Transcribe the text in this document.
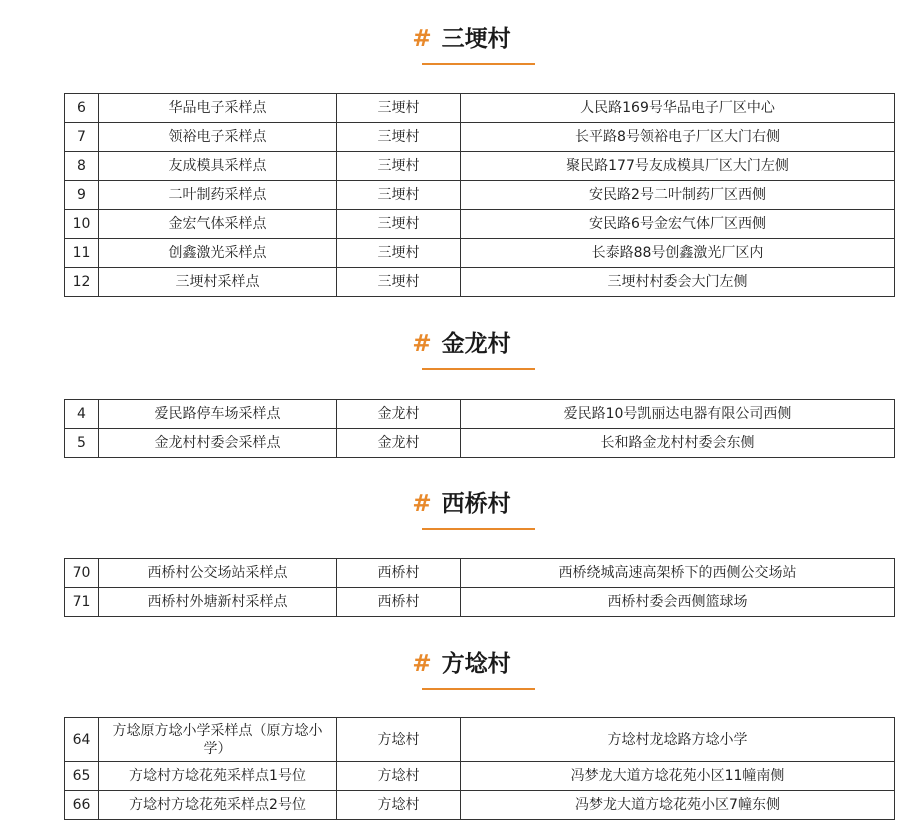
# 三埂村
6	华品电子采样点	三埂村	人民路169号华品电子厂区中心
7	领裕电子采样点	三埂村	长平路8号领裕电子厂区大门右侧
8	友成模具采样点	三埂村	聚民路177号友成模具厂区大门左侧
9	二叶制药采样点	三埂村	安民路2号二叶制药厂区西侧
10	金宏气体采样点	三埂村	安民路6号金宏气体厂区西侧
11	创鑫激光采样点	三埂村	长泰路88号创鑫激光厂区内
12	三埂村采样点	三埂村	三埂村村委会大门左侧
# 金龙村
4	爱民路停车场采样点	金龙村	爱民路10号凯丽达电器有限公司西侧
5	金龙村村委会采样点	金龙村	长和路金龙村村委会东侧
# 西桥村
70	西桥村公交场站采样点	西桥村	西桥绕城高速高架桥下的西侧公交场站
71	西桥村外塘新村采样点	西桥村	西桥村委会西侧篮球场
# 方埝村
64	方埝原方埝小学采样点（原方埝小学）	方埝村	方埝村龙埝路方埝小学
65	方埝村方埝花苑采样点1号位	方埝村	冯梦龙大道方埝花苑小区11幢南侧
66	方埝村方埝花苑采样点2号位	方埝村	冯梦龙大道方埝花苑小区7幢东侧
